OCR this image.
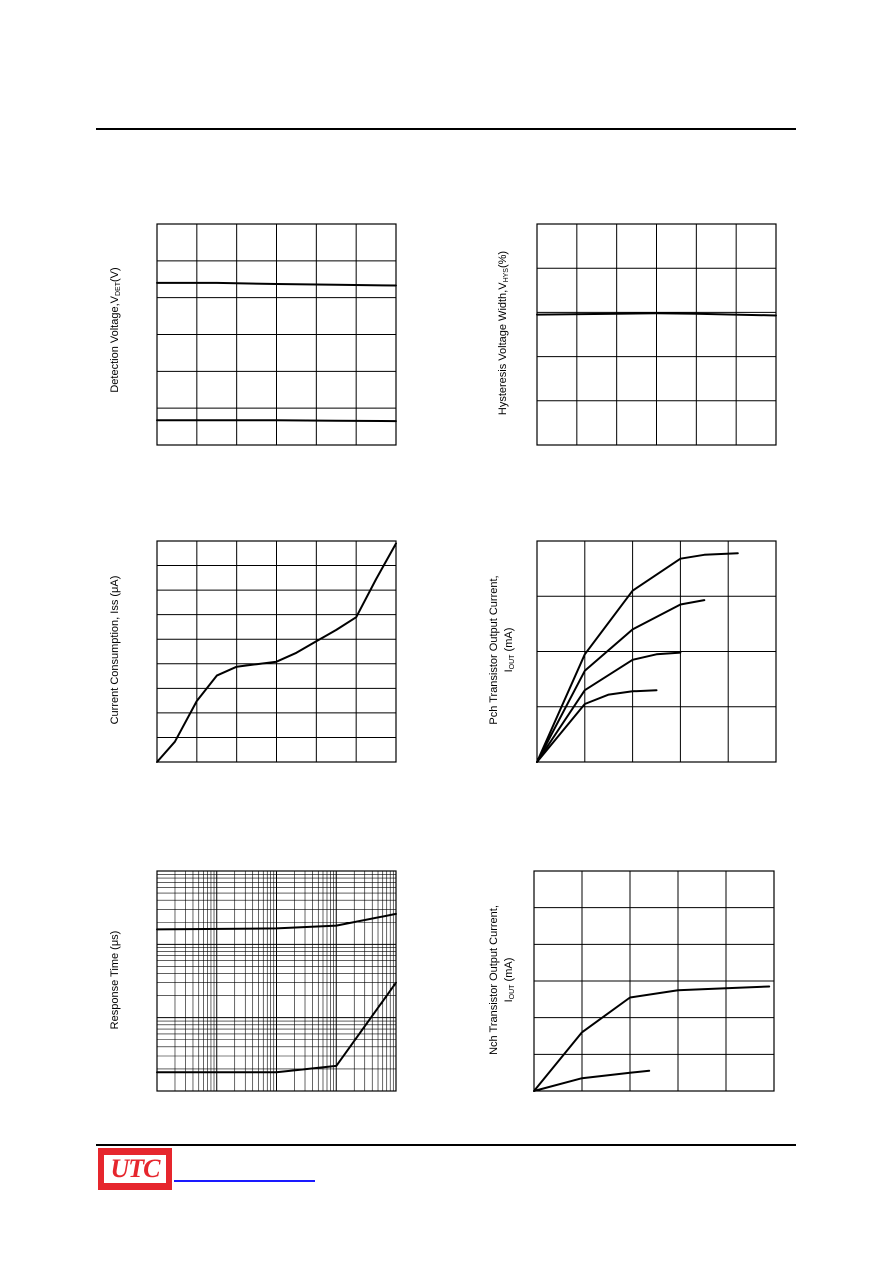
Detection Voltage,VDET(V)
Hysteresis Voltage Width,VHYS(%)
Current Consumption, Iss (μA)	Pch Transistor Output Current, IOUT (mA)
Response Time (μs)	Nch Transistor Output Current, IOUT (mA)
UTC
